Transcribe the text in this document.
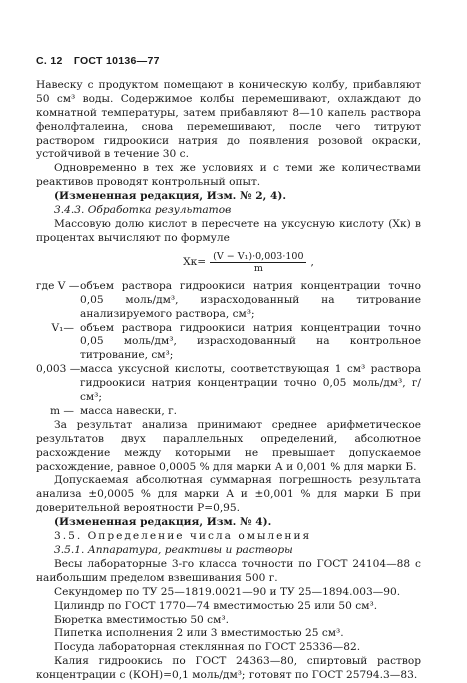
С. 12 ГОСТ 10136—77

Навеску с продуктом помещают в коническую колбу, прибавляют 50 см³ воды. Содержимое колбы перемешивают, охлаждают до комнатной температуры, затем прибавляют 8—10 капель раствора фенолфталеина, снова перемешивают, после чего титруют раствором гидроокиси натрия до появления розовой окраски, устойчивой в течение 30 с.

Одновременно в тех же условиях и с теми же количествами реактивов проводят контрольный опыт.

(Измененная редакция, Изм. № 2, 4).

3.4.3. Обработка результатов

Массовую долю кислот в пересчете на уксусную кислоту (Xк) в процентах вычисляют по формуле

$Xк= \frac{\text{(V − V₁)·0,003·100}}{m}$ ,
где V — объем раствора гидроокиси натрия концентрации точно 0,05 моль/дм³, израсходованный на титрование анализируемого раствора, см³;
V₁— объем раствора гидроокиси натрия концентрации точно 0,05 моль/дм³, израсходованный на контрольное титрование, см³;
0,003 — масса уксусной кислоты, соответствующая 1 см³ раствора гидроокиси натрия концентрации точно 0,05 моль/дм³, г/см³;
m — масса навески, г.

За результат анализа принимают среднее арифметическое результатов двух параллельных определений, абсолютное расхождение между которыми не превышает допускаемое расхождение, равное 0,0005 % для марки А и 0,001 % для марки Б.

Допускаемая абсолютная суммарная погрешность результата анализа ±0,0005 % для марки А и ±0,001 % для марки Б при доверительной вероятности P=0,95.

(Измененная редакция, Изм. № 4).

3.5. Определение числа омыления

3.5.1. Аппаратура, реактивы и растворы

Весы лабораторные 3-го класса точности по ГОСТ 24104—88 с наибольшим пределом взвешивания 500 г.

Секундомер по ТУ 25—1819.0021—90 и ТУ 25—1894.003—90.

Цилиндр по ГОСТ 1770—74 вместимостью 25 или 50 см³.

Бюретка вместимостью 50 см³.

Пипетка исполнения 2 или 3 вместимостью 25 см³.

Посуда лабораторная стеклянная по ГОСТ 25336—82.

Калия гидроокись по ГОСТ 24363—80, спиртовый раствор концентрации с (КОН)=0,1 моль/дм³; готовят по ГОСТ 25794.3—83.
